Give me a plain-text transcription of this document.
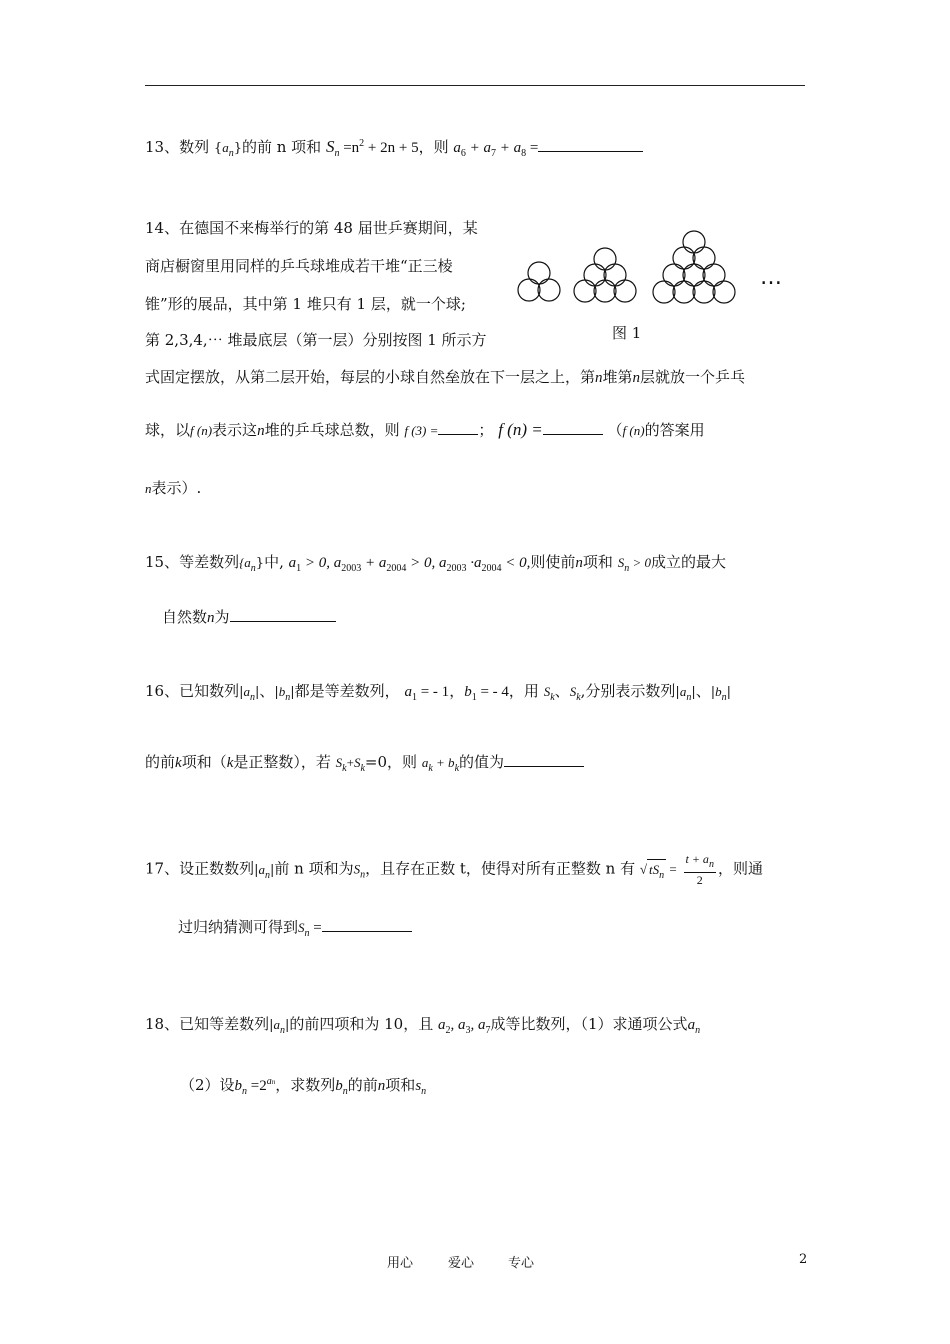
13、数列 $\{a_n\}$的前 n 项和 $S_n =n^2 + 2n + 5$，则 $a_6 + a_7 + a_8$ =
14、在德国不来梅举行的第 48 届世乒赛期间，某
商店橱窗里用同样的乒乓球堆成若干堆“正三棱
锥”形的展品，其中第 1 堆只有 1 层，就一个球;
第 2,3,4,⋯ 堆最底层（第一层）分别按图 1 所示方
式固定摆放，从第二层开始，每层的小球自然垒放在下一层之上，第n堆第n层就放一个乒乓
球，以f (n)表示这n堆的乒乓球总数，则 f (3) =	； f (n) =	（f (n)的答案用
n表示）.
…
图 1
15、等差数列$\{a_n\}$中, $a_1 > 0$, $a_{2003} + a_{2004} > 0$, $a_{2003} \cdot a_{2004} < 0$,则使前n项和 $S_n > 0$成立的最大
自然数n为
16、已知数列$|a_n|$、$|b_n|$都是等差数列， $a_1$ = - 1，$b_1$ = - 4，用 $S_k$、$S_k$,分别表示数列$|a_n|$、$|b_n|$
的前k项和（k是正整数），若 $S_k+S_k=0$，则 $a_k + b_k$的值为
17、设正数数列$|a_n|$前 n 项和为$S_n$，且存在正数 t，使得对所有正整数 n 有 √ $tS_n = \frac{t + a_n}{2}$ ，则通
过归纳猜测可得到$S_n$ =
18、已知等差数列$|a_n|$的前四项和为 10，且 $a_2$, $a_3$, $a_7$成等比数列，（1）求通项公式$a_n$
（2）设$b_n =2^{an}$，求数列$b_n$的前n项和$s_n$
用心	爱心	专心	2
